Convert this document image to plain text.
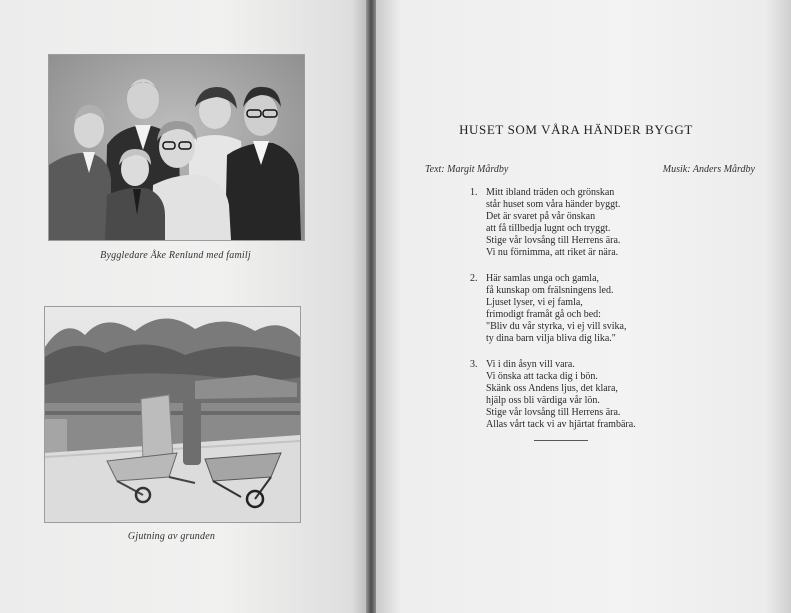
Byggledare Åke Renlund med familj
Gjutning av grunden
HUSET SOM VÅRA HÄNDER BYGGT
Text: Margit Mårdby	Musik: Anders Mårdby
1. Mitt ibland träden och grönskan
står huset som våra händer byggt.
Det är svaret på vår önskan
att få tillbedja lugnt och tryggt.
Stige vår lovsång till Herrens ära.
Vi nu förnimma, att riket är nära.
2. Här samlas unga och gamla,
få kunskap om frälsningens led.
Ljuset lyser, vi ej famla,
frimodigt framåt gå och bed:
"Bliv du vår styrka, vi ej vill svika,
ty dina barn vilja bliva dig lika."
3. Vi i din åsyn vill vara.
Vi önska att tacka dig i bön.
Skänk oss Andens ljus, det klara,
hjälp oss bli värdiga vår lön.
Stige vår lovsång till Herrens ära.
Allas vårt tack vi av hjärtat frambära.
